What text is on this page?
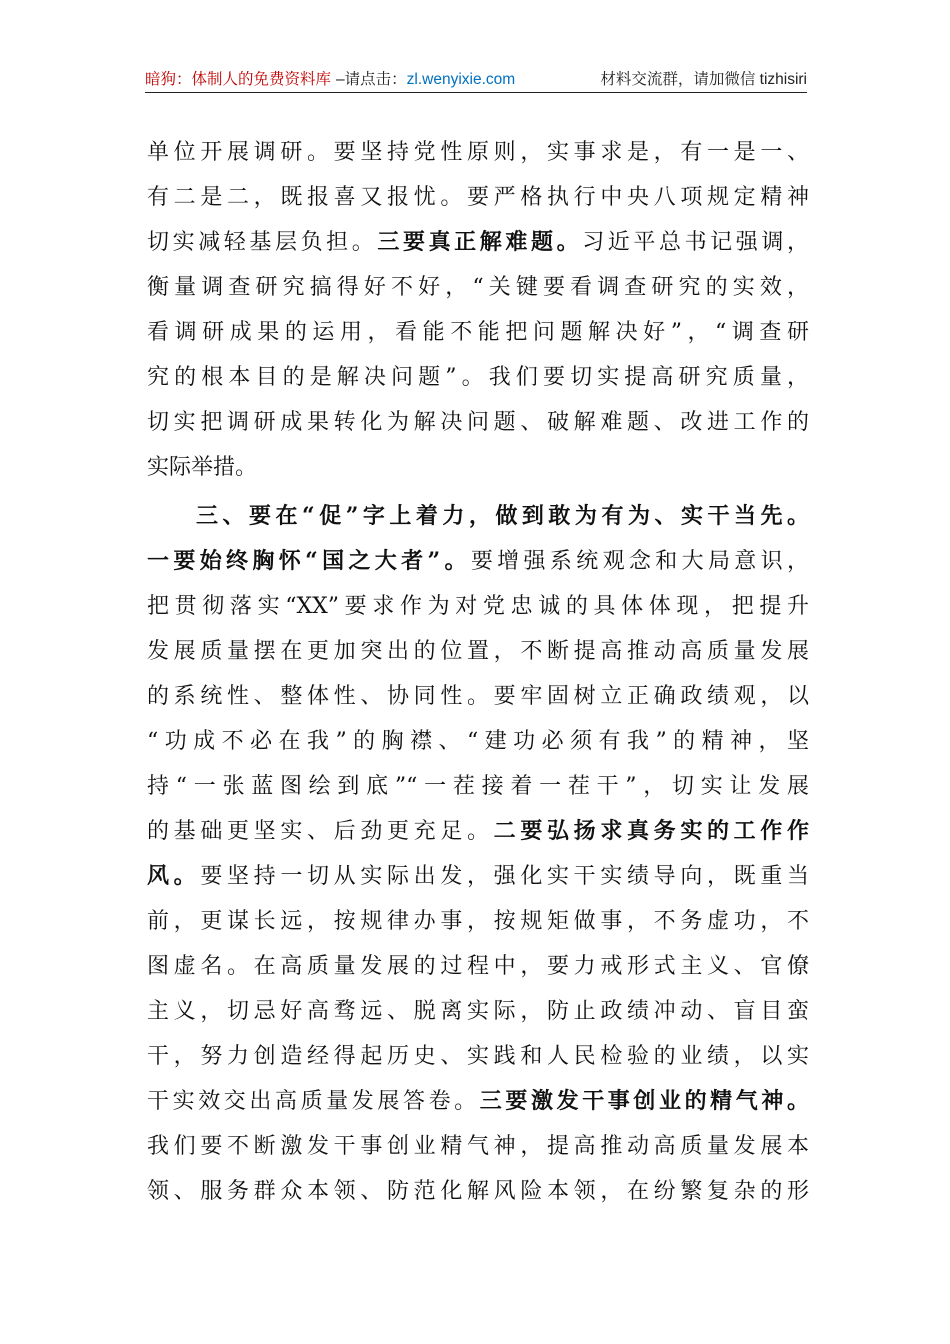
暗狗：体制人的免费资料库 –请点击： zl.wenyixie.com	材料交流群，请加微信 tizhisiri
单位开展调研。要坚持党性原则，实事求是，有一是一、
有二是二，既报喜又报忧。要严格执行中央八项规定精神
切实减轻基层负担。三要真正解难题。习近平总书记强调，
衡量调查研究搞得好不好，“关键要看调查研究的实效，
看调研成果的运用，看能不能把问题解决好”，“调查研
究的根本目的是解决问题”。我们要切实提高研究质量，
切实把调研成果转化为解决问题、破解难题、改进工作的
实际举措。
三、要在“促”字上着力，做到敢为有为、实干当先。
一要始终胸怀“国之大者”。要增强系统观念和大局意识，
把贯彻落实“XX”要求作为对党忠诚的具体体现，把提升
发展质量摆在更加突出的位置，不断提高推动高质量发展
的系统性、整体性、协同性。要牢固树立正确政绩观，以
“功成不必在我”的胸襟、“建功必须有我”的精神，坚
持“一张蓝图绘到底”“一茬接着一茬干”，切实让发展
的基础更坚实、后劲更充足。二要弘扬求真务实的工作作
风。要坚持一切从实际出发，强化实干实绩导向，既重当
前，更谋长远，按规律办事，按规矩做事，不务虚功，不
图虚名。在高质量发展的过程中，要力戒形式主义、官僚
主义，切忌好高骛远、脱离实际，防止政绩冲动、盲目蛮
干，努力创造经得起历史、实践和人民检验的业绩，以实
干实效交出高质量发展答卷。三要激发干事创业的精气神。
我们要不断激发干事创业精气神，提高推动高质量发展本
领、服务群众本领、防范化解风险本领，在纷繁复杂的形
